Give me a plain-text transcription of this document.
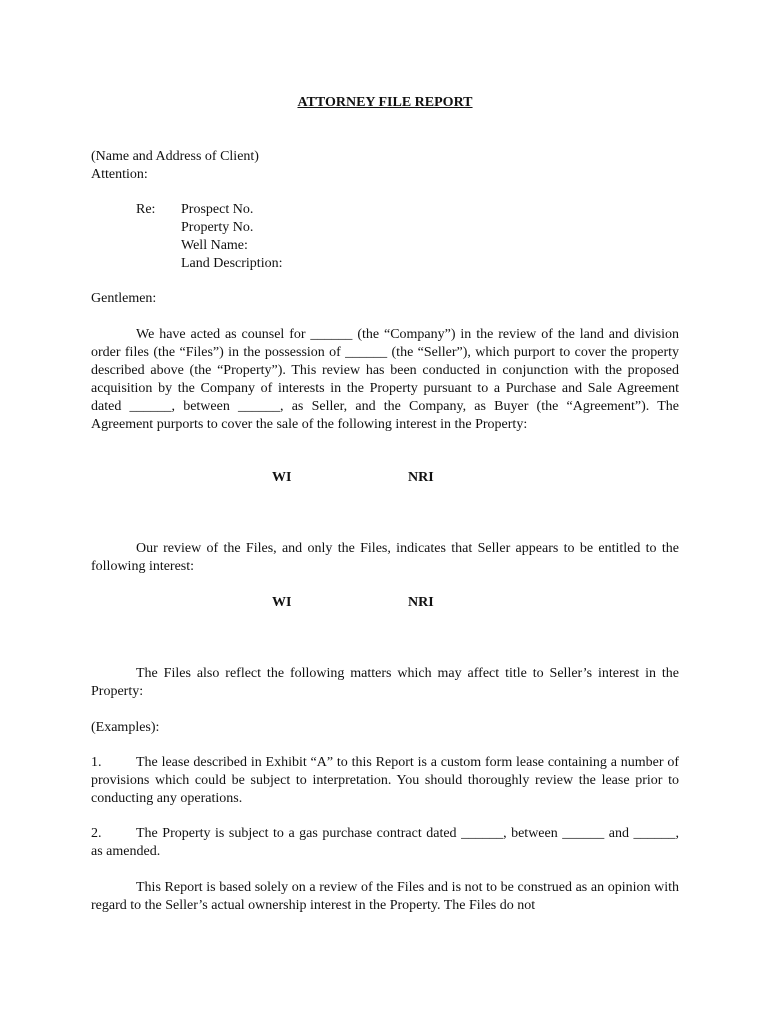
ATTORNEY FILE REPORT
(Name and Address of Client)
Attention:
Re: Prospect No.
Property No.
Well Name:
Land Description:
Gentlemen:

We have acted as counsel for ______ (the “Company”) in the review of the land and division order files (the “Files”) in the possession of ______ (the “Seller”), which purport to cover the property described above (the “Property”). This review has been conducted in conjunction with the proposed acquisition by the Company of interests in the Property pursuant to a Purchase and Sale Agreement dated ______, between ______, as Seller, and the Company, as Buyer (the “Agreement”). The Agreement purports to cover the sale of the following interest in the Property:

WI	NRI

Our review of the Files, and only the Files, indicates that Seller appears to be entitled to the following interest:

WI	NRI

The Files also reflect the following matters which may affect title to Seller’s interest in the Property:

(Examples):

1. The lease described in Exhibit “A” to this Report is a custom form lease containing a number of provisions which could be subject to interpretation. You should thoroughly review the lease prior to conducting any operations.

2. The Property is subject to a gas purchase contract dated ______, between ______ and ______, as amended.

This Report is based solely on a review of the Files and is not to be construed as an opinion with regard to the Seller’s actual ownership interest in the Property. The Files do not
